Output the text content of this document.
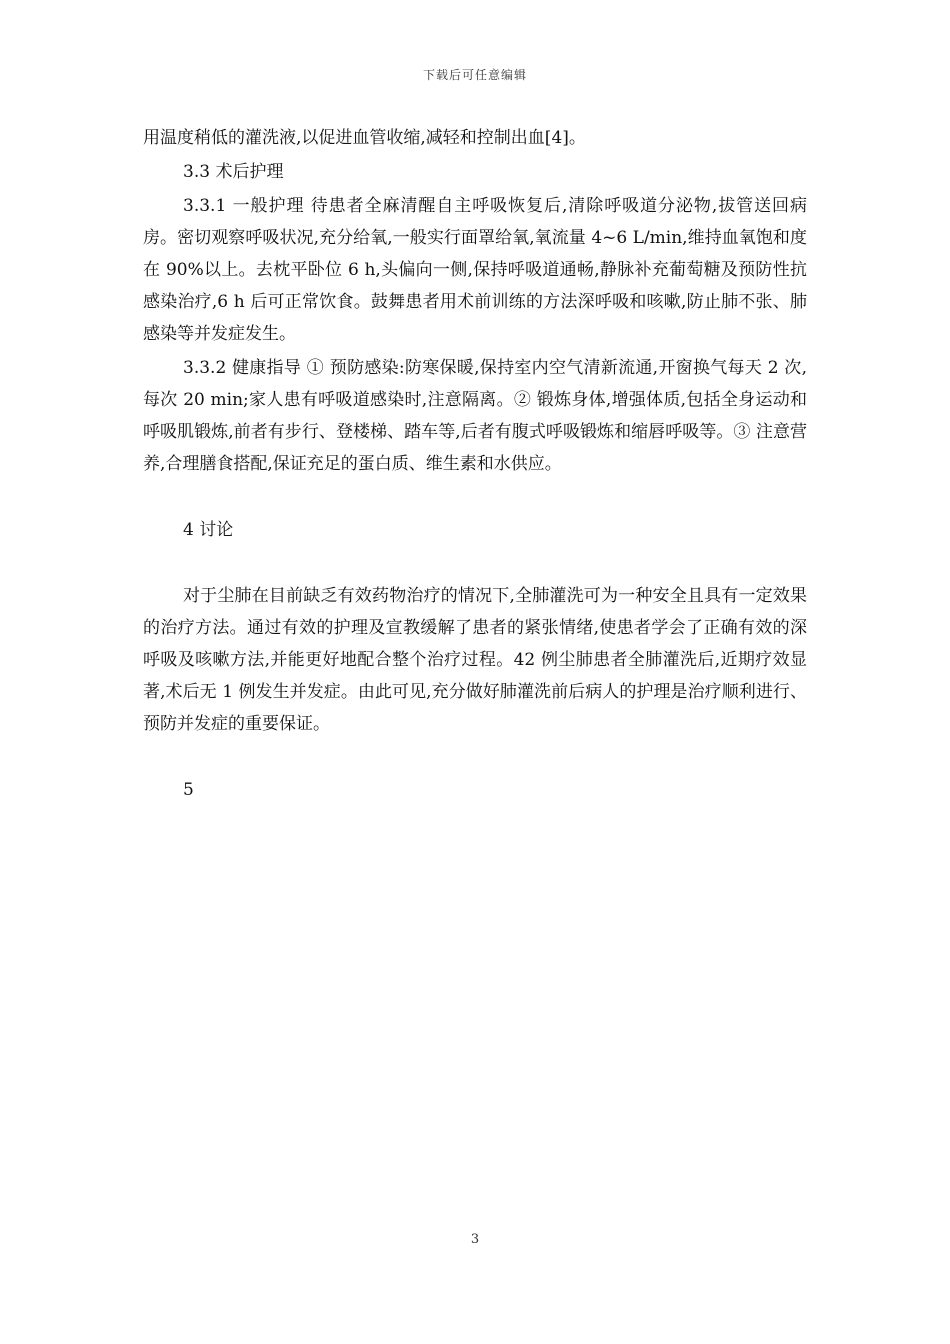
下载后可任意编辑

用温度稍低的灌洗液,以促进血管收缩,减轻和控制出血[4]。

3.3 术后护理

3.3.1 一般护理 待患者全麻清醒自主呼吸恢复后,清除呼吸道分泌物,拔管送回病房。密切观察呼吸状况,充分给氧,一般实行面罩给氧,氧流量 4~6 L/min,维持血氧饱和度在 90%以上。去枕平卧位 6 h,头偏向一侧,保持呼吸道通畅,静脉补充葡萄糖及预防性抗感染治疗,6 h 后可正常饮食。鼓舞患者用术前训练的方法深呼吸和咳嗽,防止肺不张、肺感染等并发症发生。

3.3.2 健康指导 ① 预防感染:防寒保暖,保持室内空气清新流通,开窗换气每天 2 次,每次 20 min;家人患有呼吸道感染时,注意隔离。② 锻炼身体,增强体质,包括全身运动和呼吸肌锻炼,前者有步行、登楼梯、踏车等,后者有腹式呼吸锻炼和缩唇呼吸等。③ 注意营养,合理膳食搭配,保证充足的蛋白质、维生素和水供应。

4 讨论

对于尘肺在目前缺乏有效药物治疗的情况下,全肺灌洗可为一种安全且具有一定效果的治疗方法。通过有效的护理及宣教缓解了患者的紧张情绪,使患者学会了正确有效的深呼吸及咳嗽方法,并能更好地配合整个治疗过程。42 例尘肺患者全肺灌洗后,近期疗效显著,术后无 1 例发生并发症。由此可见,充分做好肺灌洗前后病人的护理是治疗顺利进行、预防并发症的重要保证。

5

3
